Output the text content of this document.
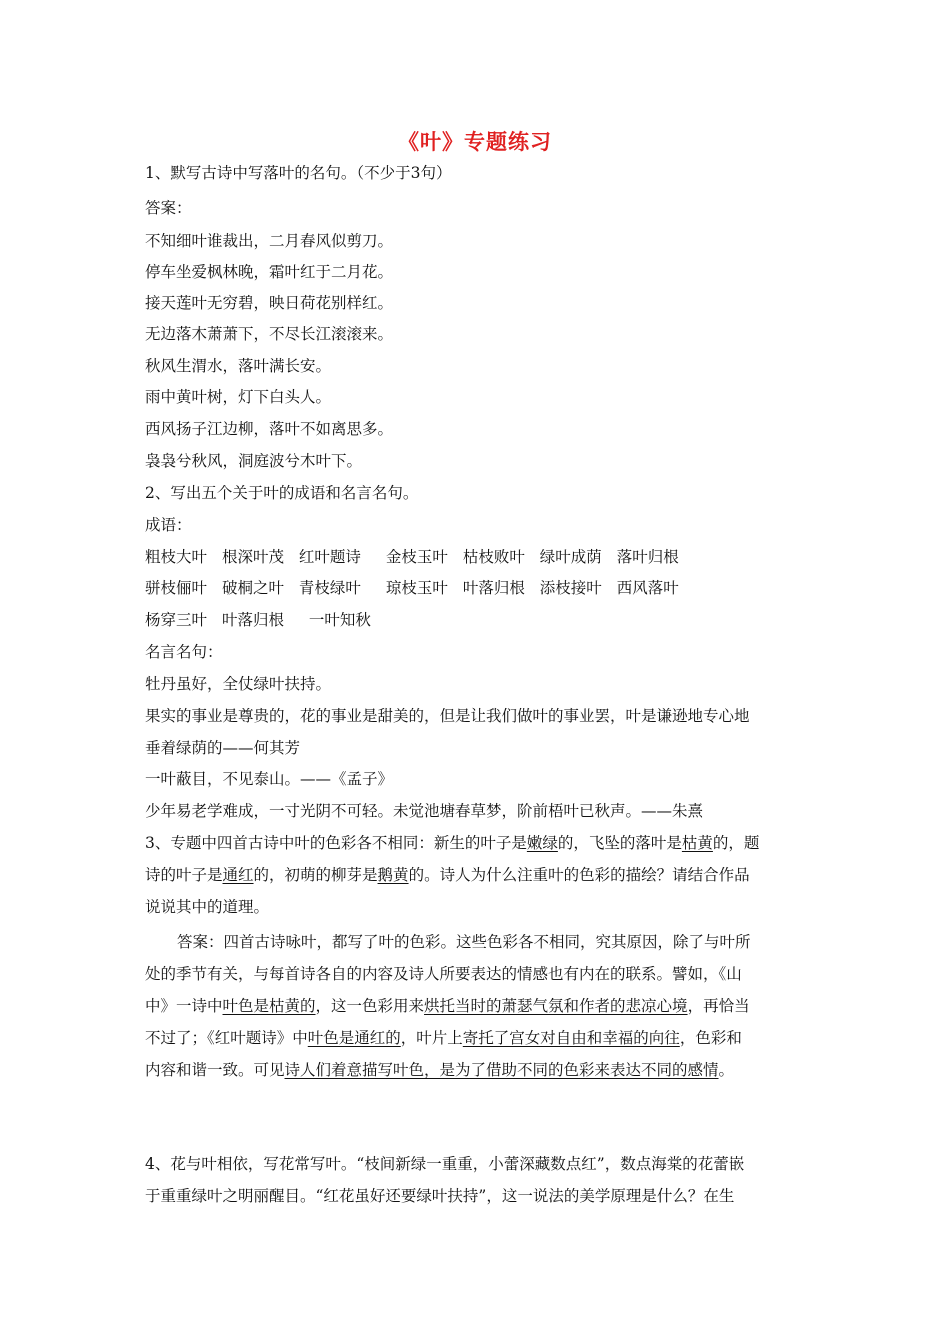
《叶》专题练习
1、默写古诗中写落叶的名句。（不少于3句）
答案：
不知细叶谁裁出，二月春风似剪刀。
停车坐爱枫林晚，霜叶红于二月花。
接天莲叶无穷碧，映日荷花别样红。
无边落木萧萧下，不尽长江滚滚来。
秋风生渭水，落叶满长安。
雨中黄叶树，灯下白头人。
西风扬子江边柳，落叶不如离思多。
袅袅兮秋风，洞庭波兮木叶下。
2、写出五个关于叶的成语和名言名句。
成语：
粗枝大叶 根深叶茂 红叶题诗 金枝玉叶 枯枝败叶 绿叶成荫 落叶归根
骈枝俪叶 破桐之叶 青枝绿叶 琼枝玉叶 叶落归根 添枝接叶 西风落叶
杨穿三叶 叶落归根 一叶知秋
名言名句：
牡丹虽好，全仗绿叶扶持。
果实的事业是尊贵的，花的事业是甜美的，但是让我们做叶的事业罢，叶是谦逊地专心地
垂着绿荫的——何其芳
一叶蔽目，不见泰山。——《孟子》
少年易老学难成，一寸光阴不可轻。未觉池塘春草梦，阶前梧叶已秋声。——朱熹
3、专题中四首古诗中叶的色彩各不相同：新生的叶子是嫩绿的，飞坠的落叶是枯黄的，题
诗的叶子是通红的，初萌的柳芽是鹅黄的。诗人为什么注重叶的色彩的描绘？请结合作品
说说其中的道理。
答案：四首古诗咏叶，都写了叶的色彩。这些色彩各不相同，究其原因，除了与叶所
处的季节有关，与每首诗各自的内容及诗人所要表达的情感也有内在的联系。譬如，《山
中》一诗中叶色是枯黄的，这一色彩用来烘托当时的萧瑟气氛和作者的悲凉心境，再恰当
不过了；《红叶题诗》中叶色是通红的，叶片上寄托了宫女对自由和幸福的向往，色彩和
内容和谐一致。可见诗人们着意描写叶色，是为了借助不同的色彩来表达不同的感情。
4、花与叶相依，写花常写叶。“枝间新绿一重重，小蕾深藏数点红”，数点海棠的花蕾嵌
于重重绿叶之明丽醒目。“红花虽好还要绿叶扶持”，这一说法的美学原理是什么？在生
